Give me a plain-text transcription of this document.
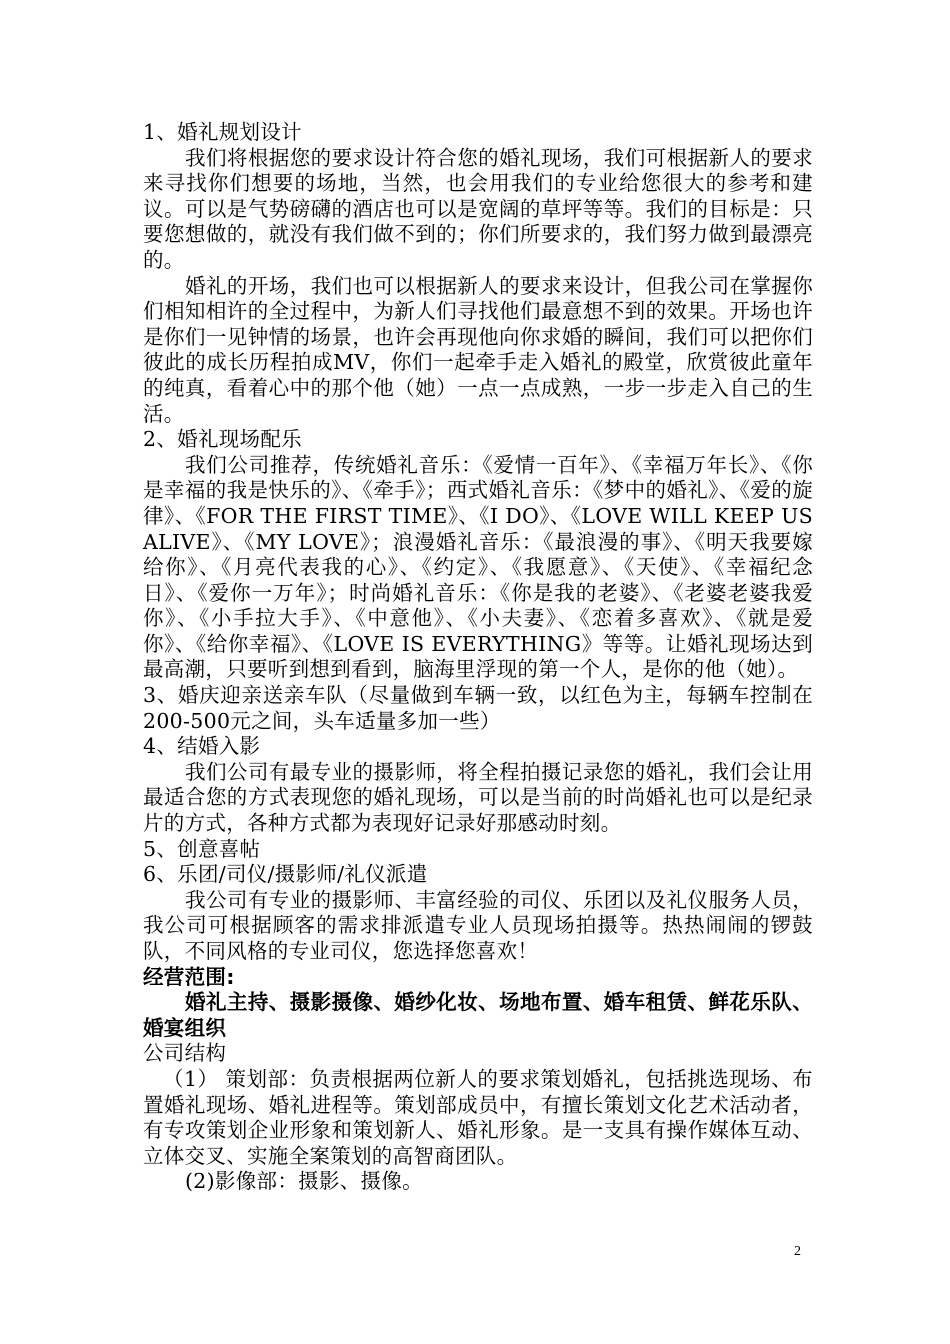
1、婚礼规划设计

我们将根据您的要求设计符合您的婚礼现场，我们可根据新人的要求来寻找你们想要的场地，当然，也会用我们的专业给您很大的参考和建议。可以是气势磅礴的酒店也可以是宽阔的草坪等等。我们的目标是：只要您想做的，就没有我们做不到的；你们所要求的，我们努力做到最漂亮的。

婚礼的开场，我们也可以根据新人的要求来设计，但我公司在掌握你们相知相许的全过程中，为新人们寻找他们最意想不到的效果。开场也许是你们一见钟情的场景，也许会再现他向你求婚的瞬间，我们可以把你们彼此的成长历程拍成MV，你们一起牵手走入婚礼的殿堂，欣赏彼此童年的纯真，看着心中的那个他（她）一点一点成熟，一步一步走入自己的生活。

2、婚礼现场配乐

我们公司推荐，传统婚礼音乐：《爱情一百年》、《幸福万年长》、《你是幸福的我是快乐的》、《牵手》；西式婚礼音乐：《梦中的婚礼》、《爱的旋律》、《FOR THE FIRST TIME》、《I DO》、《LOVE WILL KEEP US ALIVE》、《MY LOVE》；浪漫婚礼音乐：《最浪漫的事》、《明天我要嫁给你》、《月亮代表我的心》、《约定》、《我愿意》、《天使》、《幸福纪念日》、《爱你一万年》；时尚婚礼音乐：《你是我的老婆》、《老婆老婆我爱你》、《小手拉大手》、《中意他》、《小夫妻》、《恋着多喜欢》、《就是爱你》、《给你幸福》、《LOVE IS EVERYTHING》等等。让婚礼现场达到最高潮，只要听到想到看到，脑海里浮现的第一个人，是你的他（她）。

3、婚庆迎亲送亲车队（尽量做到车辆一致，以红色为主，每辆车控制在200-500元之间，头车适量多加一些）

4、结婚入影

我们公司有最专业的摄影师，将全程拍摄记录您的婚礼，我们会让用最适合您的方式表现您的婚礼现场，可以是当前的时尚婚礼也可以是纪录片的方式，各种方式都为表现好记录好那感动时刻。

5、创意喜帖

6、乐团/司仪/摄影师/礼仪派遣

我公司有专业的摄影师、丰富经验的司仪、乐团以及礼仪服务人员，我公司可根据顾客的需求排派遣专业人员现场拍摄等。热热闹闹的锣鼓队，不同风格的专业司仪，您选择您喜欢！

经营范围:

婚礼主持、摄影摄像、婚纱化妆、场地布置、婚车租赁、鲜花乐队、婚宴组织

公司结构

（1） 策划部：负责根据两位新人的要求策划婚礼，包括挑选现场、布置婚礼现场、婚礼进程等。策划部成员中，有擅长策划文化艺术活动者，有专攻策划企业形象和策划新人、婚礼形象。是一支具有操作媒体互动、立体交叉、实施全案策划的高智商团队。

(2)影像部：摄影、摄像。

2
